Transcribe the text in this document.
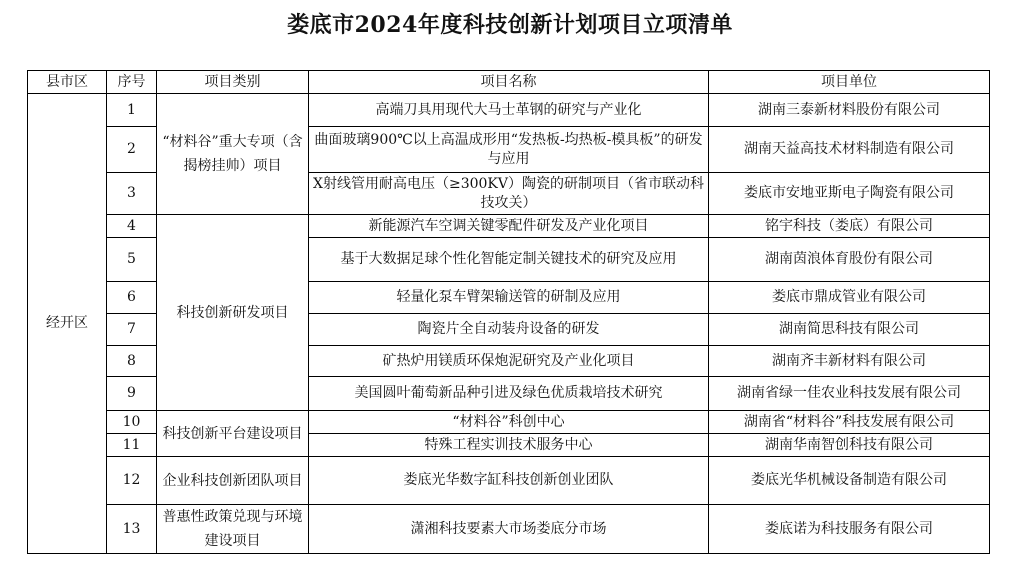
娄底市2024年度科技创新计划项目立项清单
县市区	序号	项目类别	项目名称	项目单位
经开区	1	“材料谷”重大专项（含揭榜挂帅）项目	高端刀具用现代大马士革钢的研究与产业化	湖南三泰新材料股份有限公司
	2		曲面玻璃900℃以上高温成形用“发热板-均热板-模具板”的研发与应用	湖南天益高技术材料制造有限公司
	3		X射线管用耐高电压（≥300KV）陶瓷的研制项目（省市联动科技攻关）	娄底市安地亚斯电子陶瓷有限公司
	4	科技创新研发项目	新能源汽车空调关键零配件研发及产业化项目	铭宇科技（娄底）有限公司
	5		基于大数据足球个性化智能定制关键技术的研究及应用	湖南茵浪体育股份有限公司
	6		轻量化泵车臂架输送管的研制及应用	娄底市鼎成管业有限公司
	7		陶瓷片全自动装舟设备的研发	湖南简思科技有限公司
	8		矿热炉用镁质环保炮泥研究及产业化项目	湖南齐丰新材料有限公司
	9		美国圆叶葡萄新品种引进及绿色优质栽培技术研究	湖南省绿一佳农业科技发展有限公司
	10	科技创新平台建设项目	“材料谷”科创中心	湖南省“材料谷”科技发展有限公司
	11		特殊工程实训技术服务中心	湖南华南智创科技有限公司
	12	企业科技创新团队项目	娄底光华数字缸科技创新创业团队	娄底光华机械设备制造有限公司
	13	普惠性政策兑现与环境建设项目	潇湘科技要素大市场娄底分市场	娄底诺为科技服务有限公司
